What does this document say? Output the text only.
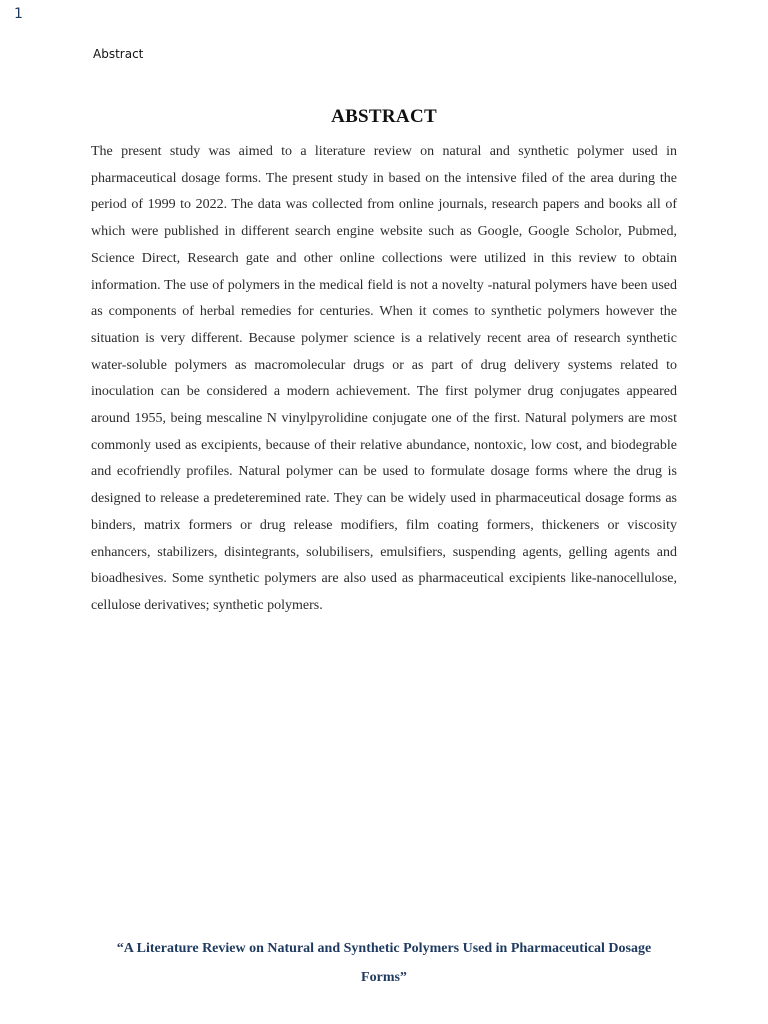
1
Abstract
ABSTRACT

The present study was aimed to a literature review on natural and synthetic polymer used in pharmaceutical dosage forms. The present study in based on the intensive filed of the area during the period of 1999 to 2022. The data was collected from online journals, research papers and books all of which were published in different search engine website such as Google, Google Scholor, Pubmed, Science Direct, Research gate and other online collections were utilized in this review to obtain information. The use of polymers in the medical field is not a novelty -natural polymers have been used as components of herbal remedies for centuries. When it comes to synthetic polymers however the situation is very different. Because polymer science is a relatively recent area of research synthetic water-soluble polymers as macromolecular drugs or as part of drug delivery systems related to inoculation can be considered a modern achievement. The first polymer drug conjugates appeared around 1955, being mescaline N vinylpyrolidine conjugate one of the first. Natural polymers are most commonly used as excipients, because of their relative abundance, nontoxic, low cost, and biodegrable and ecofriendly profiles. Natural polymer can be used to formulate dosage forms where the drug is designed to release a predeteremined rate. They can be widely used in pharmaceutical dosage forms as binders, matrix formers or drug release modifiers, film coating formers, thickeners or viscosity enhancers, stabilizers, disintegrants, solubilisers, emulsifiers, suspending agents, gelling agents and bioadhesives. Some synthetic polymers are also used as pharmaceutical excipients like-nanocellulose, cellulose derivatives; synthetic polymers.

“A Literature Review on Natural and Synthetic Polymers Used in Pharmaceutical Dosage Forms”
